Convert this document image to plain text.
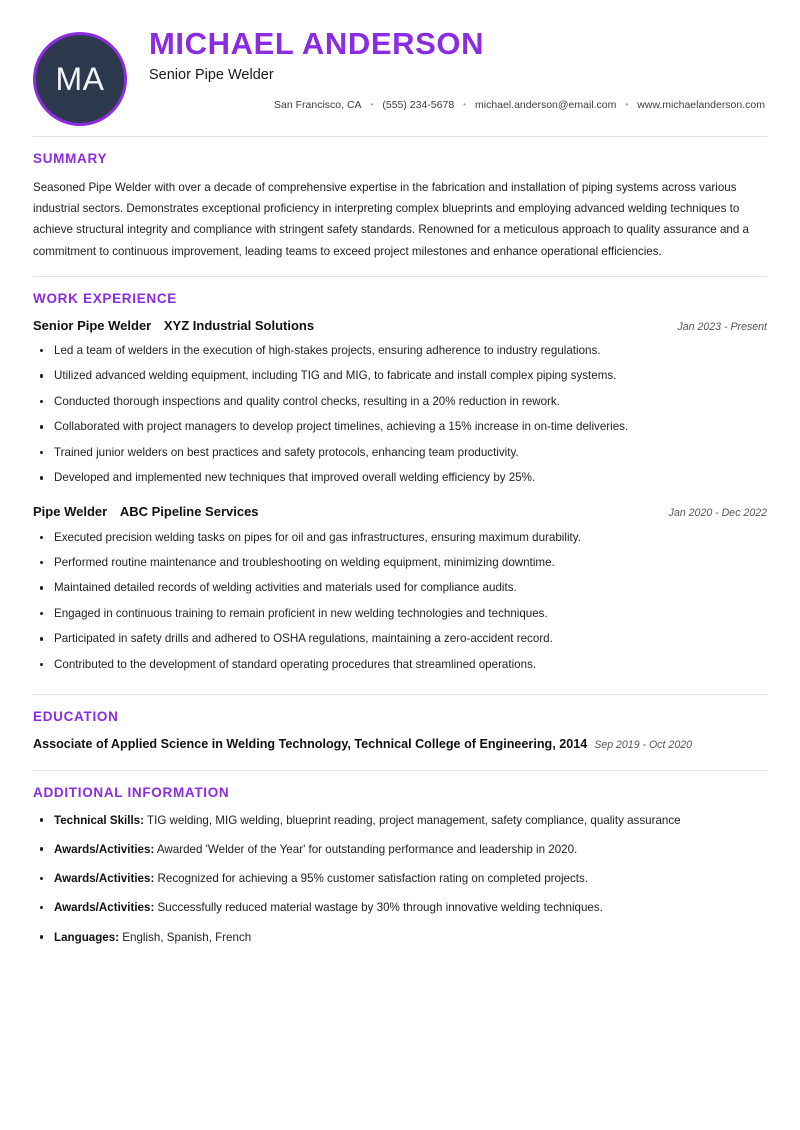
MA
MICHAEL ANDERSON
Senior Pipe Welder
San Francisco, CA • (555) 234-5678 • michael.anderson@email.com • www.michaelanderson.com
SUMMARY

Seasoned Pipe Welder with over a decade of comprehensive expertise in the fabrication and installation of piping systems across various industrial sectors. Demonstrates exceptional proficiency in interpreting complex blueprints and employing advanced welding techniques to achieve structural integrity and compliance with stringent safety standards. Renowned for a meticulous approach to quality assurance and a commitment to continuous improvement, leading teams to exceed project milestones and enhance operational efficiencies.

WORK EXPERIENCE
Senior Pipe Welder XYZ Industrial Solutions	Jan 2023 - Present
Led a team of welders in the execution of high-stakes projects, ensuring adherence to industry regulations.
Utilized advanced welding equipment, including TIG and MIG, to fabricate and install complex piping systems.
Conducted thorough inspections and quality control checks, resulting in a 20% reduction in rework.
Collaborated with project managers to develop project timelines, achieving a 15% increase in on-time deliveries.
Trained junior welders on best practices and safety protocols, enhancing team productivity.
Developed and implemented new techniques that improved overall welding efficiency by 25%.
Pipe Welder ABC Pipeline Services	Jan 2020 - Dec 2022
Executed precision welding tasks on pipes for oil and gas infrastructures, ensuring maximum durability.
Performed routine maintenance and troubleshooting on welding equipment, minimizing downtime.
Maintained detailed records of welding activities and materials used for compliance audits.
Engaged in continuous training to remain proficient in new welding technologies and techniques.
Participated in safety drills and adhered to OSHA regulations, maintaining a zero-accident record.
Contributed to the development of standard operating procedures that streamlined operations.
EDUCATION
Associate of Applied Science in Welding Technology, Technical College of Engineering, 2014 Sep 2019 - Oct 2020
ADDITIONAL INFORMATION
Technical Skills: TIG welding, MIG welding, blueprint reading, project management, safety compliance, quality assurance
Awards/Activities: Awarded 'Welder of the Year' for outstanding performance and leadership in 2020.
Awards/Activities: Recognized for achieving a 95% customer satisfaction rating on completed projects.
Awards/Activities: Successfully reduced material wastage by 30% through innovative welding techniques.
Languages: English, Spanish, French
